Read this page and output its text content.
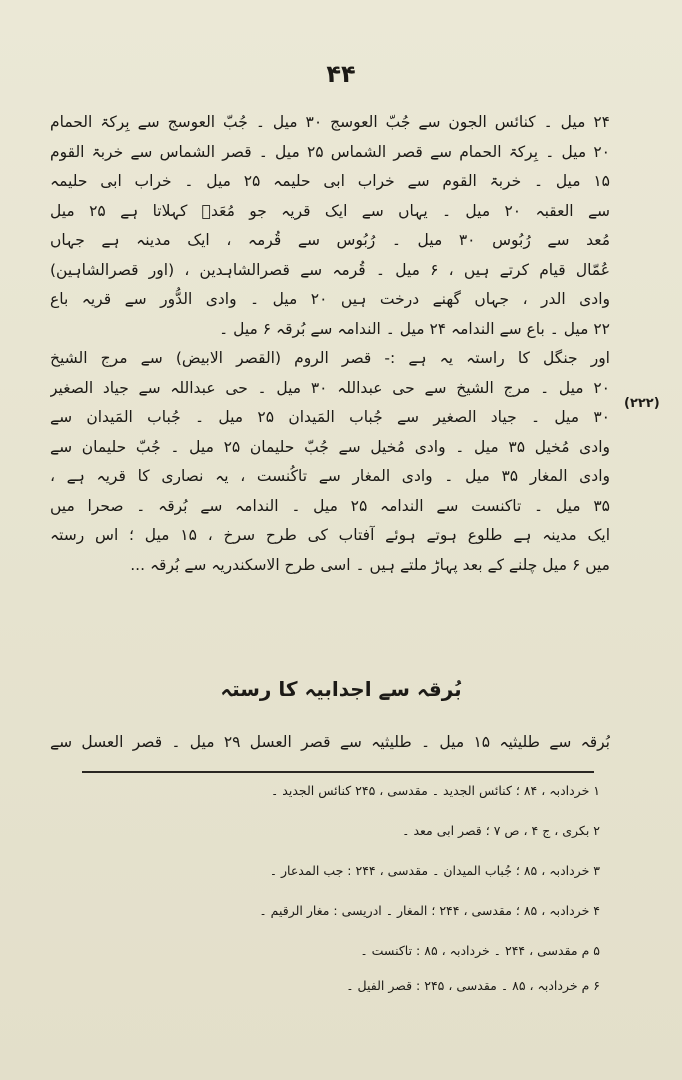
۴۴
(۲۲۲)
۲۴ میل ۔ کنائس الجون سے جُبّ العوسج ۳۰ میل ۔ جُبّ العوسج سے بِرکۃ الحمام
۲۰ میل ۔ بِرکۃ الحمام سے قصر الشماس ۲۵ میل ۔ قصر الشماس سے خربۃ القوم
۱۵ میل ۔ خربۃ القوم سے خراب ابی حلیمہ ۲۵ میل ۔ خراب ابی حلیمہ
سے العقبہ ۲۰ میل ۔ یہاں سے ایک قریہ جو مُعَدؔ کہلاتا ہے ۲۵ میل
مُعد سے رُبُوس ۳۰ میل ۔ رُبُوس سے قُرمہ ، ایک مدینہ ہے جہاں
عُمّال قیام کرتے ہیں ، ۶ میل ۔ قُرمہ سے قصرالشاہدین ، (اور قصرالشاہین)
وادی الدر ، جہاں گھنے درخت ہیں ۲۰ میل ۔ وادی الدُّور سے قریہ باع
۲۲ میل ۔ باع سے الندامہ ۲۴ میل ۔ الندامہ سے بُرقہ ۶ میل ۔
اور جنگل کا راستہ یہ ہے :- قصر الروم (القصر الابیض) سے مرج الشیخ
۲۰ میل ۔ مرج الشیخ سے حی عبداللہ ۳۰ میل ۔ حی عبداللہ سے جیاد الصغیر
۳۰ میل ۔ جیاد الصغیر سے جُباب المَیدان ۲۵ میل ۔ جُباب المَیدان سے
وادی مُخیل ۳۵ میل ۔ وادی مُخیل سے جُبّ حلیمان ۲۵ میل ۔ جُبّ حلیمان سے
وادی المغار ۳۵ میل ۔ وادی المغار سے تاکُنست ، یہ نصاری کا قریہ ہے ،
۳۵ میل ۔ تاکنست سے الندامہ ۲۵ میل ۔ الندامہ سے بُرقہ ۔ صحرا میں
ایک مدینہ ہے طلوع ہوتے ہوئے آفتاب کی طرح سرخ ، ۱۵ میل ؛ اس رستہ
میں ۶ میل چلنے کے بعد پہاڑ ملتے ہیں ۔ اسی طرح الاسکندریہ سے بُرقہ ...
بُرقہ سے اجدابیہ کا رستہ
بُرقہ سے طلیثیہ ۱۵ میل ۔ طلیثیہ سے قصر العسل ۲۹ میل ۔ قصر العسل سے
۱ خردادبہ ، ۸۴ ؛ کنائس الجدید ۔ مقدسی ، ۲۴۵ کنائس الجدید ۔
۲ بکری ، ج ۴ ، ص ۷ ؛ قصر ابی معد ۔
۳ خردادبہ ، ۸۵ ؛ جُباب المیدان ۔ مقدسی ، ۲۴۴ : جب المدعار ۔
۴ خردادبہ ، ۸۵ ؛ مقدسی ، ۲۴۴ ؛ المغار ۔ ادریسی : مغار الرقیم ۔
۵ م مقدسی ، ۲۴۴ ۔ خردادبہ ، ۸۵ : تاکنست ۔
۶ م خردادبہ ، ۸۵ ۔ مقدسی ، ۲۴۵ : قصر الفیل ۔
